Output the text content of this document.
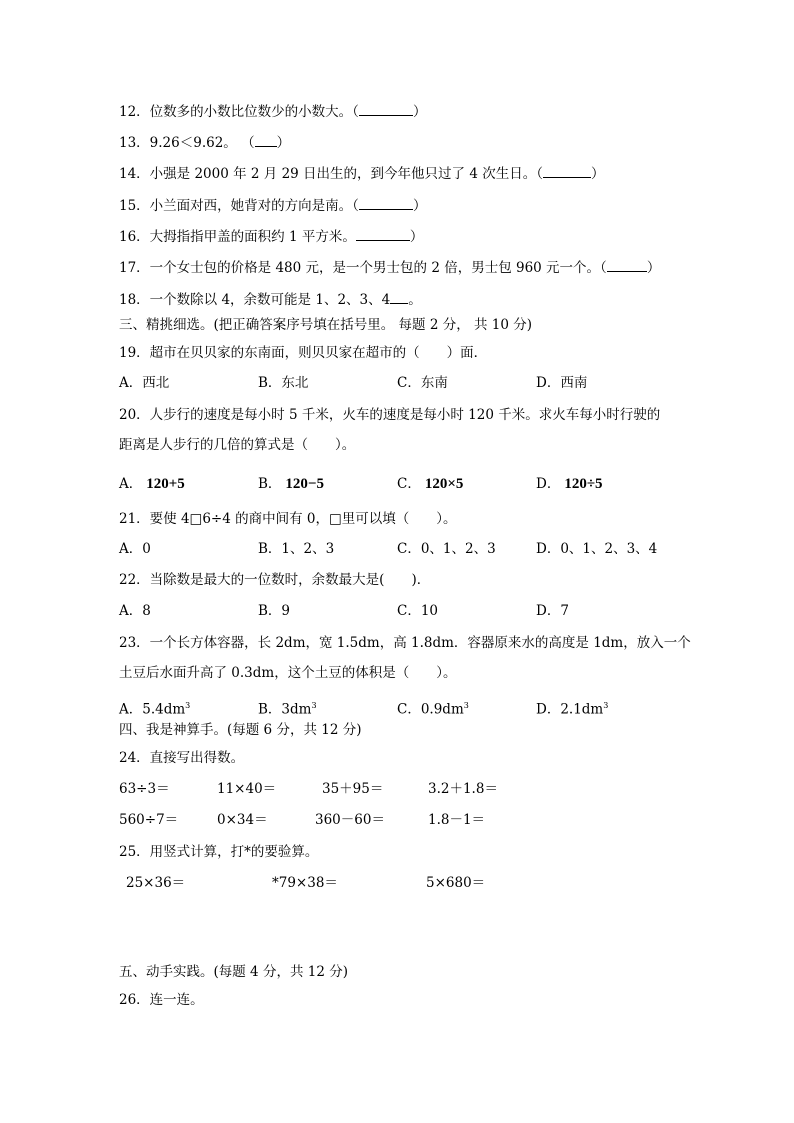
12．位数多的小数比位数少的小数大。（	）
13．9.26＜9.62。 （ ）
14．小强是 2000 年 2 月 29 日出生的，到今年他只过了 4 次生日。（	）
15．小兰面对西，她背对的方向是南。（	）
16．大拇指指甲盖的面积约 1 平方米。	）
17．一个女士包的价格是 480 元，是一个男士包的 2 倍，男士包 960 元一个。（	）
18．一个数除以 4，余数可能是 1、2、3、4 。
三、精挑细选。(把正确答案序号填在括号里。 每题 2 分， 共 10 分)
19．超市在贝贝家的东南面，则贝贝家在超市的（　　）面．
A．西北	B．东北	C．东南	D．西南
20．人步行的速度是每小时 5 千米，火车的速度是每小时 120 千米。求火车每小时行驶的
距离是人步行的几倍的算式是（　　）。
A． 120+5	B． 120−5	C． 120×5	D． 120÷5
21．要使 4□6÷4 的商中间有 0，□里可以填（　　）。
A．0	B．1、2、3	C．0、1、2、3	D．0、1、2、3、4
22．当除数是最大的一位数时，余数最大是(　　)．
A．8	B．9	C．10	D．7
23．一个长方体容器，长 2dm，宽 1.5dm，高 1.8dm．容器原来水的高度是 1dm，放入一个
土豆后水面升高了 0.3dm，这个土豆的体积是（　　）。
A．$5.4dm^3$	B．$3dm^3$	C．$0.9dm^3$	D．$2.1dm^3$
四、我是神算手。(每题 6 分，共 12 分)
24．直接写出得数。
63÷3＝	11×40＝	35＋95＝	3.2＋1.8＝
560÷7＝	0×34＝	360－60＝	1.8－1＝
25．用竖式计算，打*的要验算。
25×36＝	*79×38＝	5×680＝
五、动手实践。(每题 4 分，共 12 分)
26．连一连。
